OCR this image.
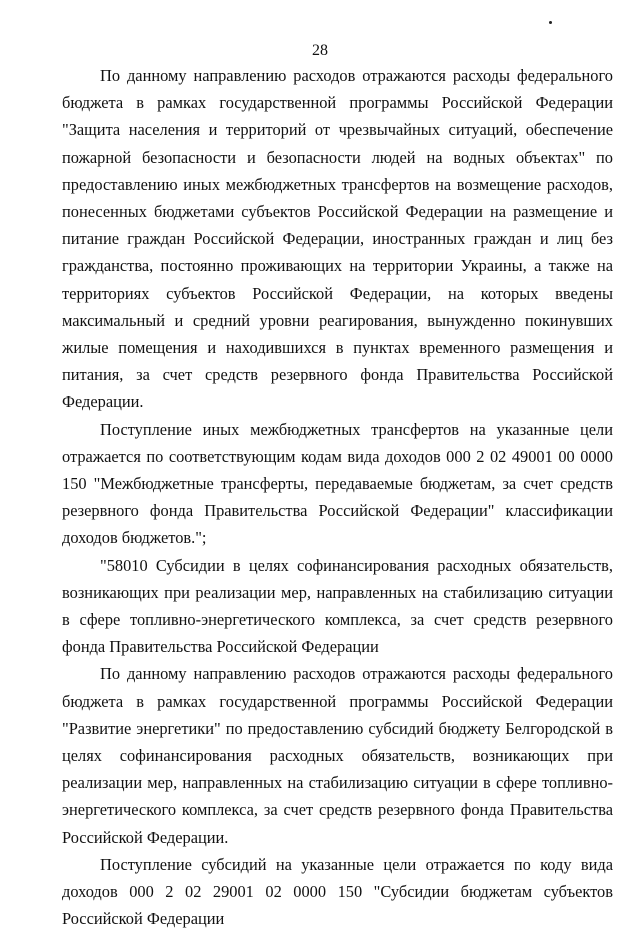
28

По данному направлению расходов отражаются расходы федерального бюджета в рамках государственной программы Российской Федерации "Защита населения и территорий от чрезвычайных ситуаций, обеспечение пожарной безопасности и безопасности людей на водных объектах" по предоставлению иных межбюджетных трансфертов на возмещение расходов, понесенных бюджетами субъектов Российской Федерации на размещение и питание граждан Российской Федерации, иностранных граждан и лиц без гражданства, постоянно проживающих на территории Украины, а также на территориях субъектов Российской Федерации, на которых введены максимальный и средний уровни реагирования, вынужденно покинувших жилые помещения и находившихся в пунктах временного размещения и питания, за счет средств резервного фонда Правительства Российской Федерации.

Поступление иных межбюджетных трансфертов на указанные цели отражается по соответствующим кодам вида доходов 000 2 02 49001 00 0000 150 "Межбюджетные трансферты, передаваемые бюджетам, за счет средств резервного фонда Правительства Российской Федерации" классификации доходов бюджетов.";

"58010 Субсидии в целях софинансирования расходных обязательств, возникающих при реализации мер, направленных на стабилизацию ситуации в сфере топливно-энергетического комплекса, за счет средств резервного фонда Правительства Российской Федерации

По данному направлению расходов отражаются расходы федерального бюджета в рамках государственной программы Российской Федерации "Развитие энергетики" по предоставлению субсидий бюджету Белгородской в целях софинансирования расходных обязательств, возникающих при реализации мер, направленных на стабилизацию ситуации в сфере топливно-энергетического комплекса, за счет средств резервного фонда Правительства Российской Федерации.

Поступление субсидий на указанные цели отражается по коду вида доходов 000 2 02 29001 02 0000 150 "Субсидии бюджетам субъектов Российской Федерации
